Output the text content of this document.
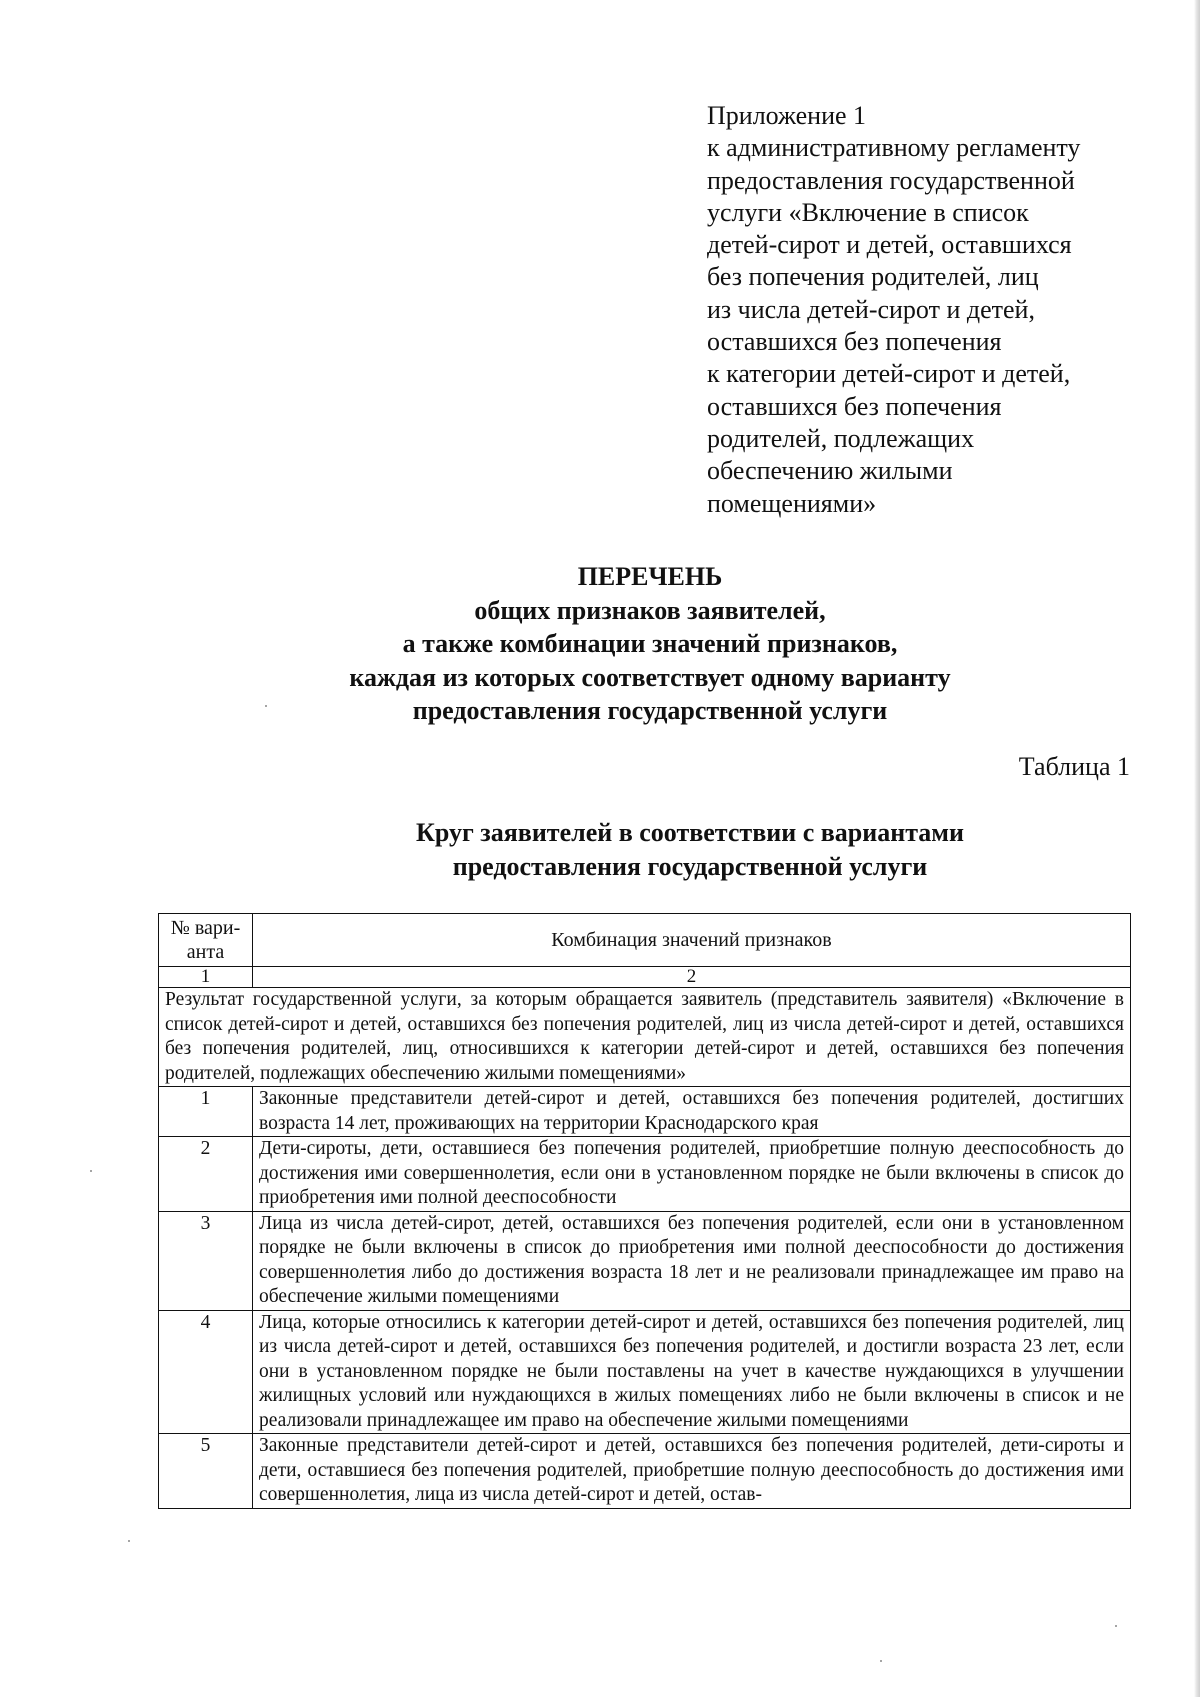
Приложение 1
к административному регламенту
предоставления государственной
услуги «Включение в список
детей-сирот и детей, оставшихся
без попечения родителей, лиц
из числа детей-сирот и детей,
оставшихся без попечения
к категории детей-сирот и детей,
оставшихся без попечения
родителей, подлежащих
обеспечению жилыми
помещениями»
ПЕРЕЧЕНЬ
общих признаков заявителей,
а также комбинации значений признаков,
каждая из которых соответствует одному варианту
предоставления государственной услуги
Таблица 1
Круг заявителей в соответствии с вариантами
предоставления государственной услуги
№ вари-анта	Комбинация значений признаков
1	2
Результат государственной услуги, за которым обращается заявитель (представитель заявителя) «Включение в список детей-сирот и детей, оставшихся без попечения родителей, лиц из числа детей-сирот и детей, оставшихся без попечения родителей, лиц, относившихся к категории детей-сирот и детей, оставшихся без попечения родителей, подлежащих обеспечению жилыми помещениями»	
1	Законные представители детей-сирот и детей, оставшихся без попечения родителей, достигших возраста 14 лет, проживающих на территории Краснодарского края
2	Дети-сироты, дети, оставшиеся без попечения родителей, приобретшие полную дееспособность до достижения ими совершеннолетия, если они в установленном порядке не были включены в список до приобретения ими полной дееспособности
3	Лица из числа детей-сирот, детей, оставшихся без попечения родителей, если они в установленном порядке не были включены в список до приобретения ими полной дееспособности до достижения совершеннолетия либо до достижения возраста 18 лет и не реализовали принадлежащее им право на обеспечение жилыми помещениями
4	Лица, которые относились к категории детей-сирот и детей, оставшихся без попечения родителей, лиц из числа детей-сирот и детей, оставшихся без попечения родителей, и достигли возраста 23 лет, если они в установленном порядке не были поставлены на учет в качестве нуждающихся в улучшении жилищных условий или нуждающихся в жилых помещениях либо не были включены в список и не реализовали принадлежащее им право на обеспечение жилыми помещениями
5	Законные представители детей-сирот и детей, оставшихся без попечения родителей, дети-сироты и дети, оставшиеся без попечения родителей, приобретшие полную дееспособность до достижения ими совершеннолетия, лица из числа детей-сирот и детей, остав-
